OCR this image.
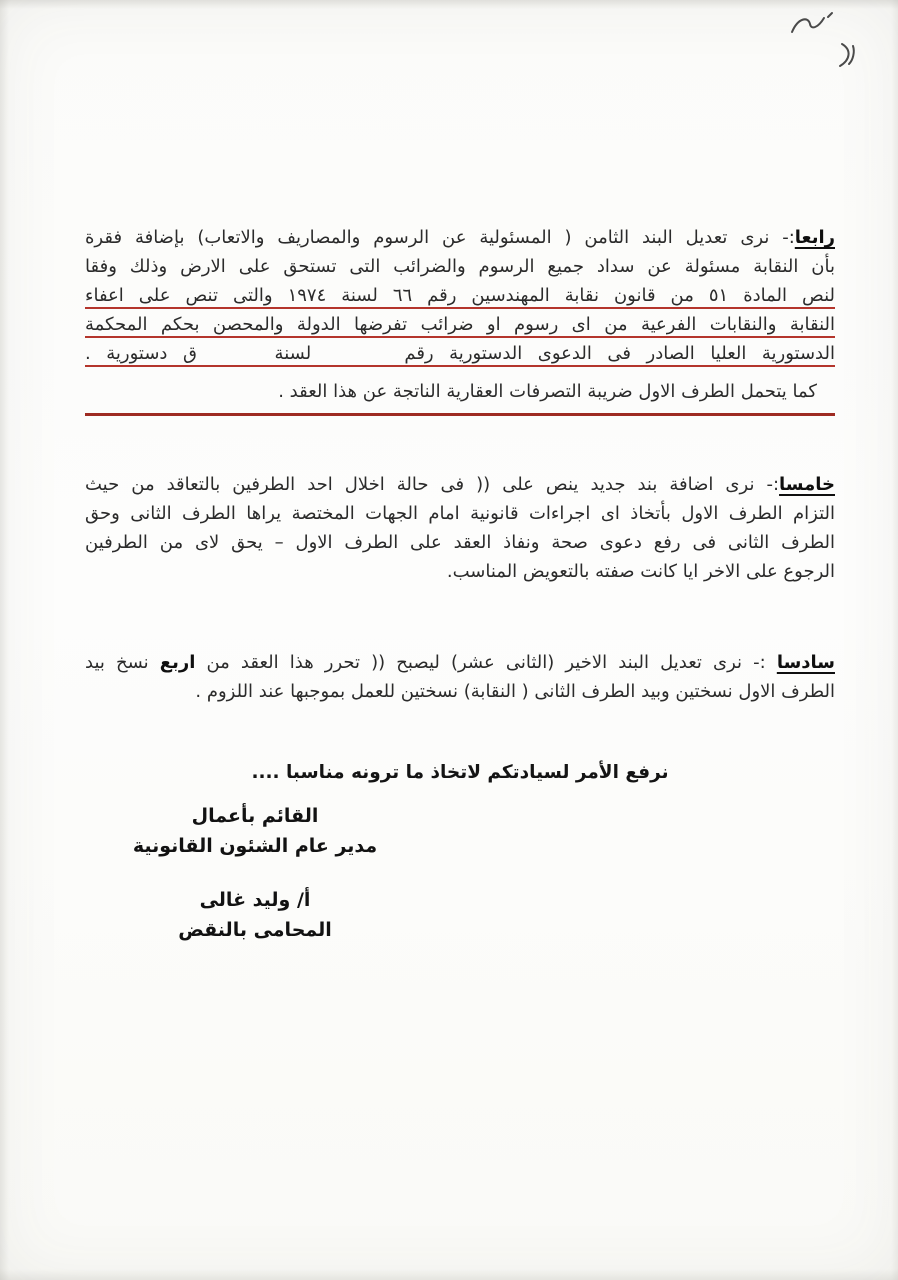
رابعا:- نرى تعديل البند الثامن ( المسئولية عن الرسوم والمصاريف والاتعاب) بإضافة فقرة
بأن النقابة مسئولة عن سداد جميع الرسوم والضرائب التى تستحق على الارض وذلك وفقا
لنص المادة ٥١ من قانون نقابة المهندسين رقم ٦٦ لسنة ١٩٧٤ والتى تنص على اعفاء
النقابة والنقابات الفرعية من اى رسوم او ضرائب تفرضها الدولة والمحصن بحكم المحكمة
الدستورية العليا الصادر فى الدعوى الدستورية رقم      لسنة     ق دستورية .
كما يتحمل الطرف الاول ضريبة التصرفات العقارية الناتجة عن هذا العقد .
خامسا:- نرى اضافة بند جديد ينص على (( فى حالة اخلال احد الطرفين بالتعاقد من حيث
التزام الطرف الاول بأتخاذ اى اجراءات قانونية امام الجهات المختصة يراها الطرف الثانى وحق
الطرف الثانى فى رفع دعوى صحة ونفاذ العقد على الطرف الاول – يحق لاى من الطرفين
الرجوع على الاخر ايا كانت صفته بالتعويض المناسب.
سادسا :- نرى تعديل البند الاخير (الثانى عشر) ليصبح (( تحرر هذا العقد من اربع نسخ بيد
الطرف الاول نسختين وبيد الطرف الثانى ( النقابة) نسختين للعمل بموجبها عند اللزوم .
نرفع الأمر لسيادتكم لاتخاذ ما ترونه مناسبا ....
القائم بأعمال
مدير عام الشئون القانونية
أ/ وليد غالى
المحامى بالنقض
